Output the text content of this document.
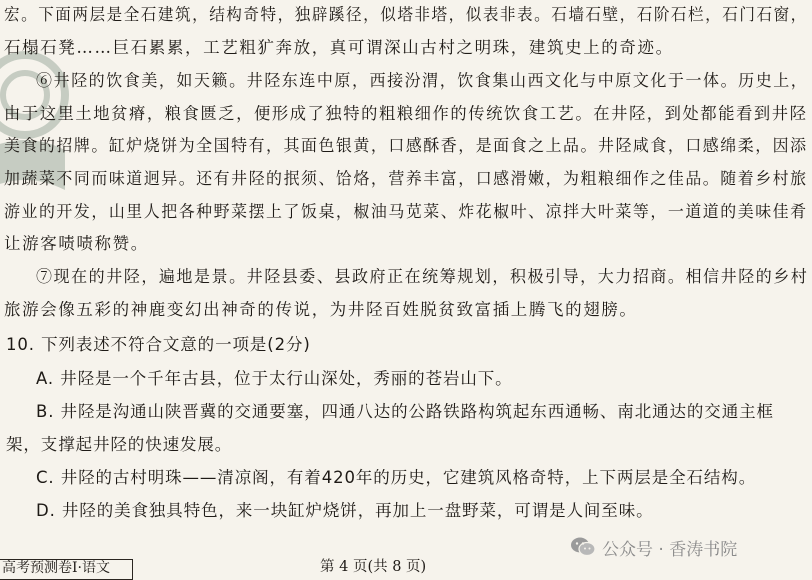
宏。下面两层是全石建筑，结构奇特，独辟蹊径，似塔非塔，似表非表。石墙石壁，石阶石栏，石门石窗，
石榻石凳……巨石累累，工艺粗犷奔放，真可谓深山古村之明珠，建筑史上的奇迹。
⑥井陉的饮食美，如天籁。井陉东连中原，西接汾渭，饮食集山西文化与中原文化于一体。历史上，
由于这里土地贫瘠，粮食匮乏，便形成了独特的粗粮细作的传统饮食工艺。在井陉，到处都能看到井陉
美食的招牌。缸炉烧饼为全国特有，其面色银黄，口感酥香，是面食之上品。井陉咸食，口感绵柔，因添
加蔬菜不同而味道迥异。还有井陉的抿须、饸烙，营养丰富，口感滑嫩，为粗粮细作之佳品。随着乡村旅
游业的开发，山里人把各种野菜摆上了饭桌，椒油马苋菜、炸花椒叶、凉拌大叶菜等，一道道的美味佳肴
让游客啧啧称赞。
⑦现在的井陉，遍地是景。井陉县委、县政府正在统筹规划，积极引导，大力招商。相信井陉的乡村
旅游会像五彩的神鹿变幻出神奇的传说，为井陉百姓脱贫致富插上腾飞的翅膀。
10. 下列表述不符合文意的一项是(2分)
A. 井陉是一个千年古县，位于太行山深处，秀丽的苍岩山下。
B. 井陉是沟通山陕晋冀的交通要塞，四通八达的公路铁路构筑起东西通畅、南北通达的交通主框
架，支撑起井陉的快速发展。
C. 井陉的古村明珠——清凉阁，有着420年的历史，它建筑风格奇特，上下两层是全石结构。
D. 井陉的美食独具特色，来一块缸炉烧饼，再加上一盘野菜，可谓是人间至味。
公众号 · 香涛书院
高考预测卷Ⅰ·语文	第 4 页(共 8 页)
